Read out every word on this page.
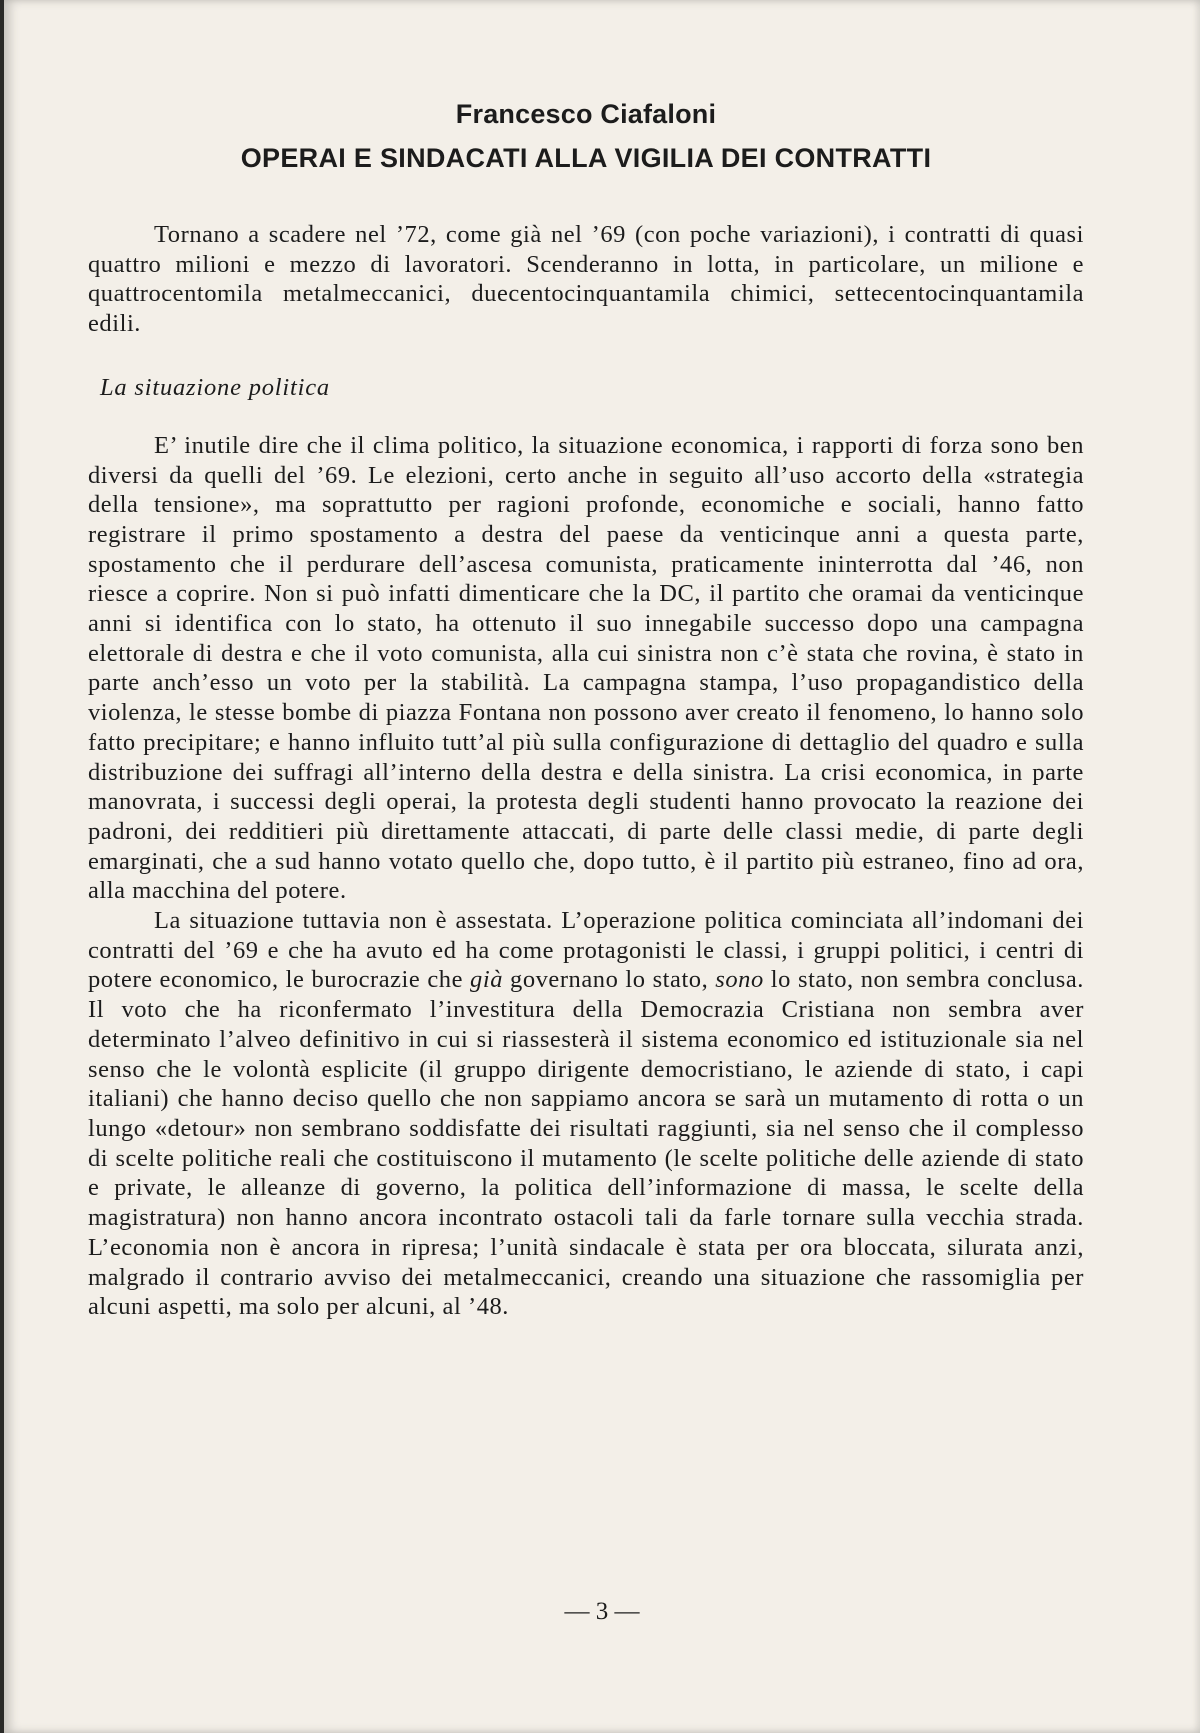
Francesco Ciafaloni
OPERAI E SINDACATI ALLA VIGILIA DEI CONTRATTI

Tornano a scadere nel ’72, come già nel ’69 (con poche variazioni), i contratti di quasi quattro milioni e mezzo di lavoratori. Scenderanno in lotta, in particolare, un milione e quattrocentomila metalmeccanici, duecentocinquantamila chimici, settecentocinquantamila edili.

La situazione politica

E’ inutile dire che il clima politico, la situazione economica, i rapporti di forza sono ben diversi da quelli del ’69. Le elezioni, certo anche in seguito all’uso accorto della «strategia della tensione», ma soprattutto per ragioni profonde, economiche e sociali, hanno fatto registrare il primo spostamento a destra del paese da venticinque anni a questa parte, spostamento che il perdurare dell’ascesa comunista, praticamente ininterrotta dal ’46, non riesce a coprire. Non si può infatti dimenticare che la DC, il partito che oramai da venticinque anni si identifica con lo stato, ha ottenuto il suo innegabile successo dopo una campagna elettorale di destra e che il voto comunista, alla cui sinistra non c’è stata che rovina, è stato in parte anch’esso un voto per la stabilità. La campagna stampa, l’uso propagandistico della violenza, le stesse bombe di piazza Fontana non possono aver creato il fenomeno, lo hanno solo fatto precipitare; e hanno influito tutt’al più sulla configurazione di dettaglio del quadro e sulla distribuzione dei suffragi all’interno della destra e della sinistra. La crisi economica, in parte manovrata, i successi degli operai, la protesta degli studenti hanno provocato la reazione dei padroni, dei redditieri più direttamente attaccati, di parte delle classi medie, di parte degli emarginati, che a sud hanno votato quello che, dopo tutto, è il partito più estraneo, fino ad ora, alla macchina del potere.

La situazione tuttavia non è assestata. L’operazione politica cominciata all’indomani dei contratti del ’69 e che ha avuto ed ha come protagonisti le classi, i gruppi politici, i centri di potere economico, le burocrazie che già governano lo stato, sono lo stato, non sembra conclusa. Il voto che ha riconfermato l’investitura della Democrazia Cristiana non sembra aver determinato l’alveo definitivo in cui si riassesterà il sistema economico ed istituzionale sia nel senso che le volontà esplicite (il gruppo dirigente democristiano, le aziende di stato, i capi italiani) che hanno deciso quello che non sappiamo ancora se sarà un mutamento di rotta o un lungo «detour» non sembrano soddisfatte dei risultati raggiunti, sia nel senso che il complesso di scelte politiche reali che costituiscono il mutamento (le scelte politiche delle aziende di stato e private, le alleanze di governo, la politica dell’informazione di massa, le scelte della magistratura) non hanno ancora incontrato ostacoli tali da farle tornare sulla vecchia strada. L’economia non è ancora in ripresa; l’unità sindacale è stata per ora bloccata, silurata anzi, malgrado il contrario avviso dei metalmeccanici, creando una situazione che rassomiglia per alcuni aspetti, ma solo per alcuni, al ’48.

— 3 —
